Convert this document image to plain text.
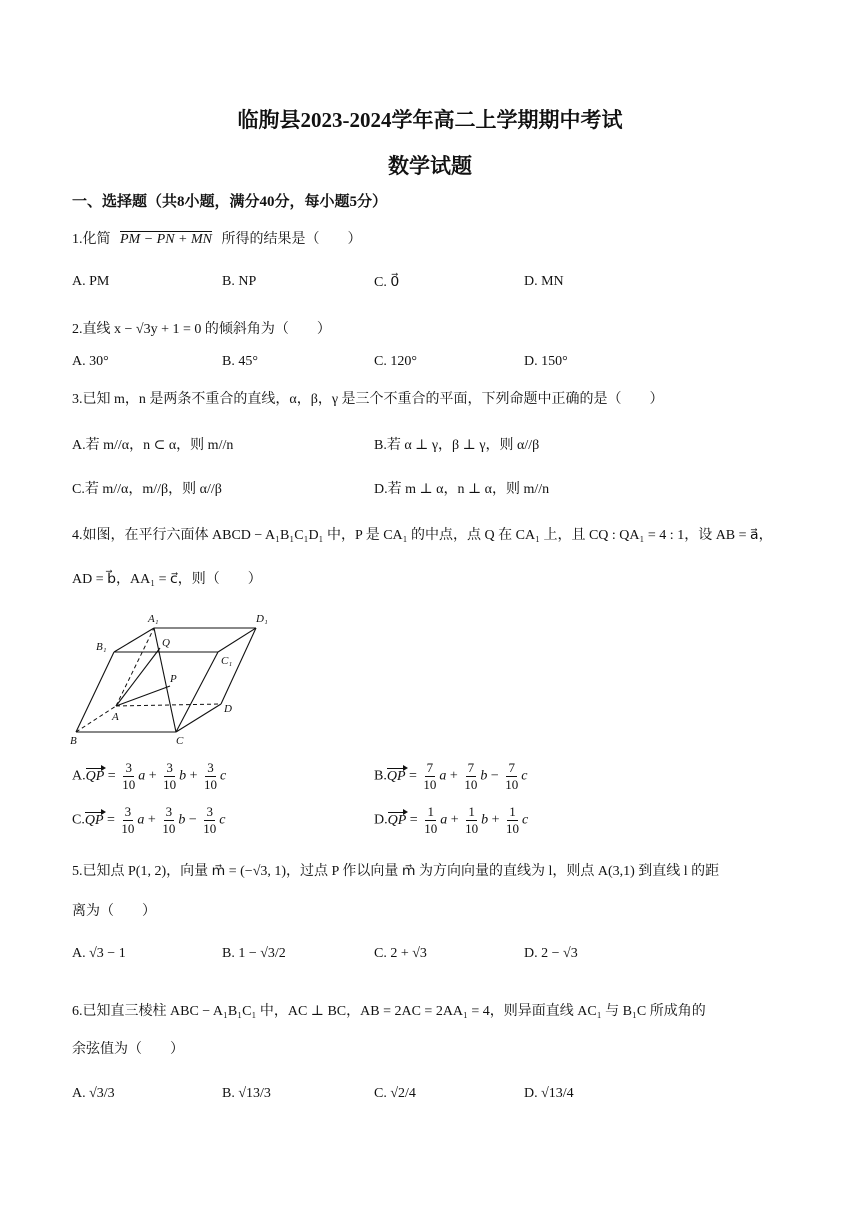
临朐县2023-2024学年高二上学期期中考试
数学试题
一、选择题（共8小题，满分40分，每小题5分）
1.化简 PM − PN + MN 所得的结果是（　　）
A. PM	B. NP	C. 0⃗	D. MN
2.直线 x − √3y + 1 = 0 的倾斜角为（　　）
A. 30°	B. 45°	C. 120°	D. 150°
3.已知 m，n 是两条不重合的直线，α，β，γ 是三个不重合的平面，下列命题中正确的是（　　）
A.若 m//α，n ⊂ α，则 m//n	B.若 α ⊥ γ，β ⊥ γ，则 α//β
C.若 m//α，m//β，则 α//β	D.若 m ⊥ α，n ⊥ α，则 m//n
4.如图，在平行六面体 ABCD − A₁B₁C₁D₁ 中，P 是 CA₁ 的中点，点 Q 在 CA₁ 上，且 CQ : QA₁ = 4 : 1，设 AB = a⃗，
AD = b⃗，AA₁ = c⃗，则（　　）
A₁	D₁
B₁	Q
C₁
P
A
D
B	C
$A.QP = \frac{3}{10}$ $a + \frac{3}{10}$ $b + \frac{3}{10}$ c	$B.QP = \frac{7}{10}$ $a + \frac{7}{10}$ $b - \frac{7}{10}$ c
$C.QP = \frac{3}{10}$ $a + \frac{3}{10}$ $b - \frac{3}{10}$ c	$D.QP = \frac{1}{10}$ $a + \frac{1}{10}$ $b + \frac{1}{10}$ c
5.已知点 P(1, 2)，向量 m⃗ = (−√3, 1)，过点 P 作以向量 m⃗ 为方向向量的直线为 l，则点 A(3,1) 到直线 l 的距
离为（　　）
A. √3 − 1	B. 1 − √3/2	C. 2 + √3	D. 2 − √3
6.已知直三棱柱 ABC − A₁B₁C₁ 中，AC ⊥ BC，AB = 2AC = 2AA₁ = 4，则异面直线 AC₁ 与 B₁C 所成角的
余弦值为（　　）
A. √3/3	B. √13/3	C. √2/4	D. √13/4
